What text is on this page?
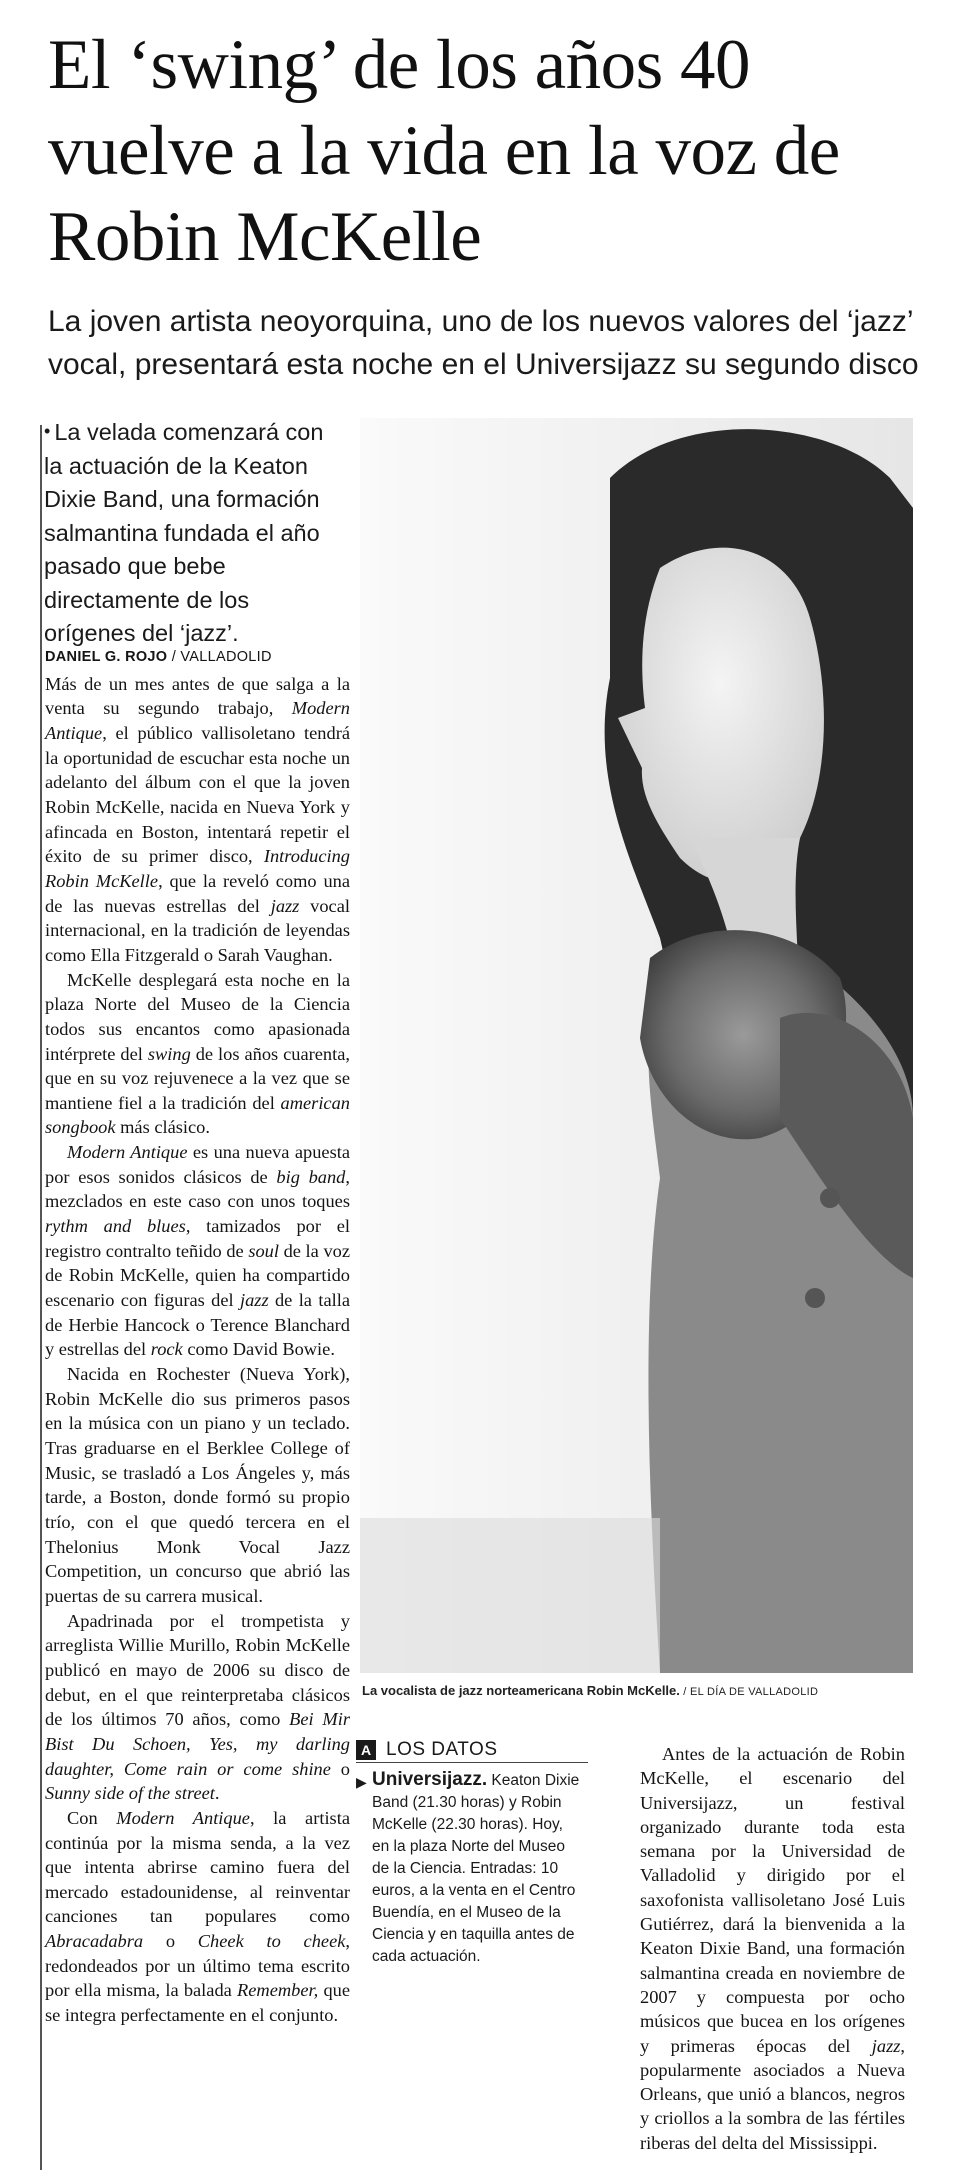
El ‘swing’ de los años 40 vuelve a la vida en la voz de Robin McKelle
La joven artista neoyorquina, uno de los nuevos valores del ‘jazz’ vocal, presentará esta noche en el Universijazz su segundo disco
• La velada comenzará con la actuación de la Keaton Dixie Band, una formación salmantina fundada el año pasado que bebe directamente de los orígenes del ‘jazz’.
DANIEL G. ROJO / VALLADOLID

Más de un mes antes de que salga a la venta su segundo trabajo, Modern Antique, el público vallisoletano tendrá la oportunidad de escuchar esta noche un adelanto del álbum con el que la joven Robin McKelle, nacida en Nueva York y afincada en Boston, intentará repetir el éxito de su primer disco, Introducing Robin McKelle, que la reveló como una de las nuevas estrellas del jazz vocal internacional, en la tradición de leyendas como Ella Fitzgerald o Sarah Vaughan.

McKelle desplegará esta noche en la plaza Norte del Museo de la Ciencia todos sus encantos como apasionada intérprete del swing de los años cuarenta, que en su voz rejuvenece a la vez que se mantiene fiel a la tradición del american songbook más clásico.

Modern Antique es una nueva apuesta por esos sonidos clásicos de big band, mezclados en este caso con unos toques rythm and blues, tamizados por el registro contralto teñido de soul de la voz de Robin McKelle, quien ha compartido escenario con figuras del jazz de la talla de Herbie Hancock o Terence Blanchard y estrellas del rock como David Bowie.

Nacida en Rochester (Nueva York), Robin McKelle dio sus primeros pasos en la música con un piano y un teclado. Tras graduarse en el Berklee College of Music, se trasladó a Los Ángeles y, más tarde, a Boston, donde formó su propio trío, con el que quedó tercera en el Thelonius Monk Vocal Jazz Competition, un concurso que abrió las puertas de su carrera musical.

Apadrinada por el trompetista y arreglista Willie Murillo, Robin McKelle publicó en mayo de 2006 su disco de debut, en el que reinterpretaba clásicos de los últimos 70 años, como Bei Mir Bist Du Schoen, Yes, my darling daughter, Come rain or come shine o Sunny side of the street.

Con Modern Antique, la artista continúa por la misma senda, a la vez que intenta abrirse camino fuera del mercado estadounidense, al reinventar canciones tan populares como Abracadabra o Cheek to cheek, redondeados por un último tema escrito por ella misma, la balada Remember, que se integra perfectamente en el conjunto.

La vocalista de jazz norteamericana Robin McKelle. / EL DÍA DE VALLADOLID
A LOS DATOS
▶ Universijazz. Keaton Dixie Band (21.30 horas) y Robin McKelle (22.30 horas). Hoy, en la plaza Norte del Museo de la Ciencia. Entradas: 10 euros, a la venta en el Centro Buendía, en el Museo de la Ciencia y en taquilla antes de cada actuación.
Antes de la actuación de Robin McKelle, el escenario del Universijazz, un festival organizado durante toda esta semana por la Universidad de Valladolid y dirigido por el saxofonista vallisoletano José Luis Gutiérrez, dará la bienvenida a la Keaton Dixie Band, una formación salmantina creada en noviembre de 2007 y compuesta por ocho músicos que bucea en los orígenes y primeras épocas del jazz, popularmente asociados a Nueva Orleans, que unió a blancos, negros y criollos a la sombra de las fértiles riberas del delta del Mississippi.
